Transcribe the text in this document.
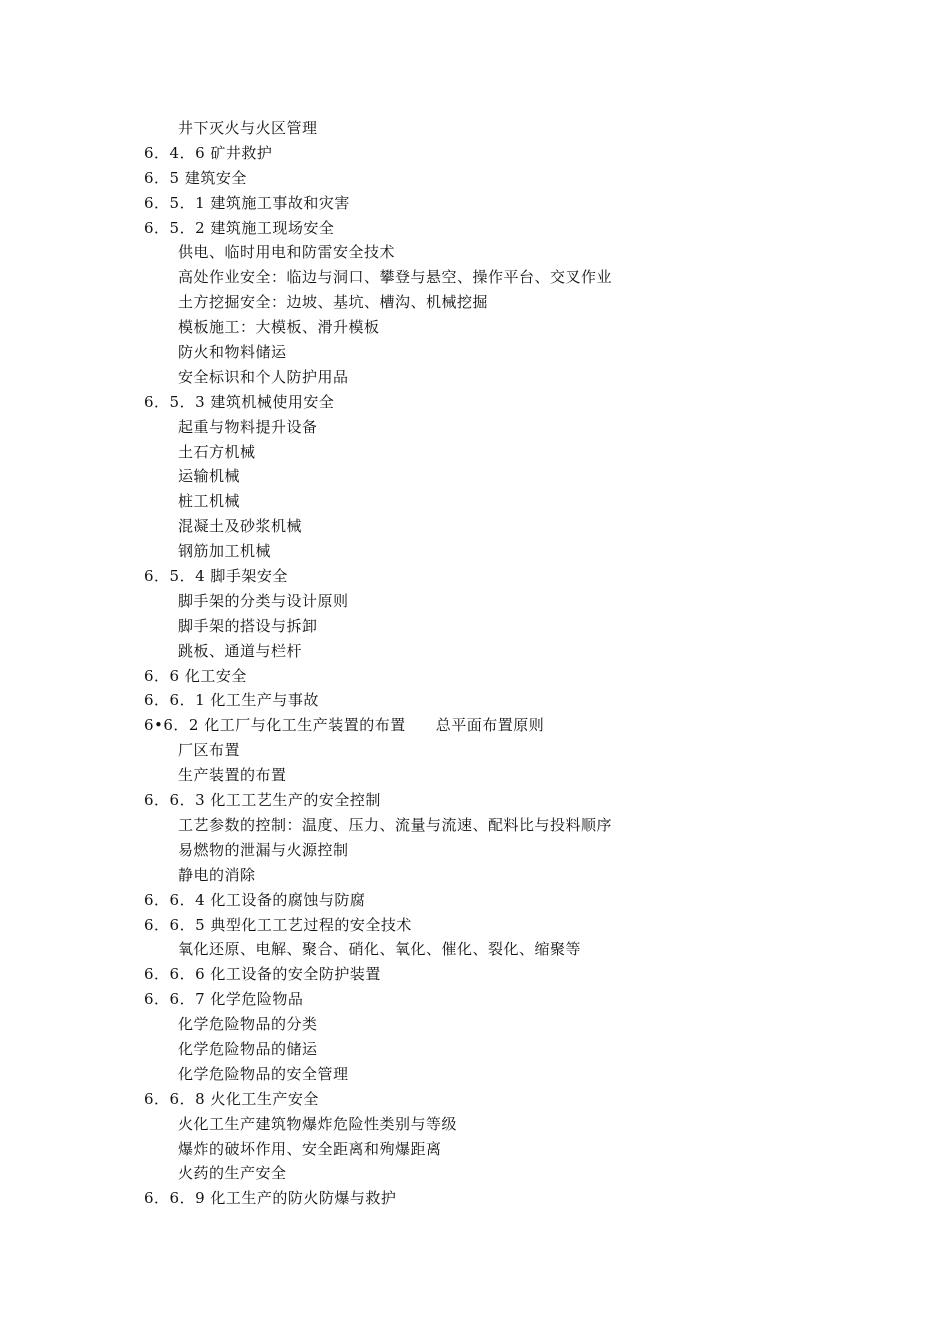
井下灭火与火区管理
6．4．6 矿井救护
6．5 建筑安全
6．5．1 建筑施工事故和灾害
6．5．2 建筑施工现场安全
供电、临时用电和防雷安全技术
高处作业安全：临边与洞口、攀登与悬空、操作平台、交叉作业
土方挖掘安全：边坡、基坑、槽沟、机械挖掘
模板施工：大模板、滑升模板
防火和物料储运
安全标识和个人防护用品
6．5．3 建筑机械使用安全
起重与物料提升设备
土石方机械
运输机械
桩工机械
混凝土及砂浆机械
钢筋加工机械
6．5．4 脚手架安全
脚手架的分类与设计原则
脚手架的搭设与拆卸
跳板、通道与栏杆
6．6 化工安全
6．6．1 化工生产与事故
6•6．2 化工厂与化工生产装置的布置 总平面布置原则
厂区布置
生产装置的布置
6．6．3 化工工艺生产的安全控制
工艺参数的控制：温度、压力、流量与流速、配料比与投料顺序
易燃物的泄漏与火源控制
静电的消除
6．6．4 化工设备的腐蚀与防腐
6．6．5 典型化工工艺过程的安全技术
氧化还原、电解、聚合、硝化、氧化、催化、裂化、缩聚等
6．6．6 化工设备的安全防护装置
6．6．7 化学危险物品
化学危险物品的分类
化学危险物品的储运
化学危险物品的安全管理
6．6．8 火化工生产安全
火化工生产建筑物爆炸危险性类别与等级
爆炸的破坏作用、安全距离和殉爆距离
火药的生产安全
6．6．9 化工生产的防火防爆与救护
